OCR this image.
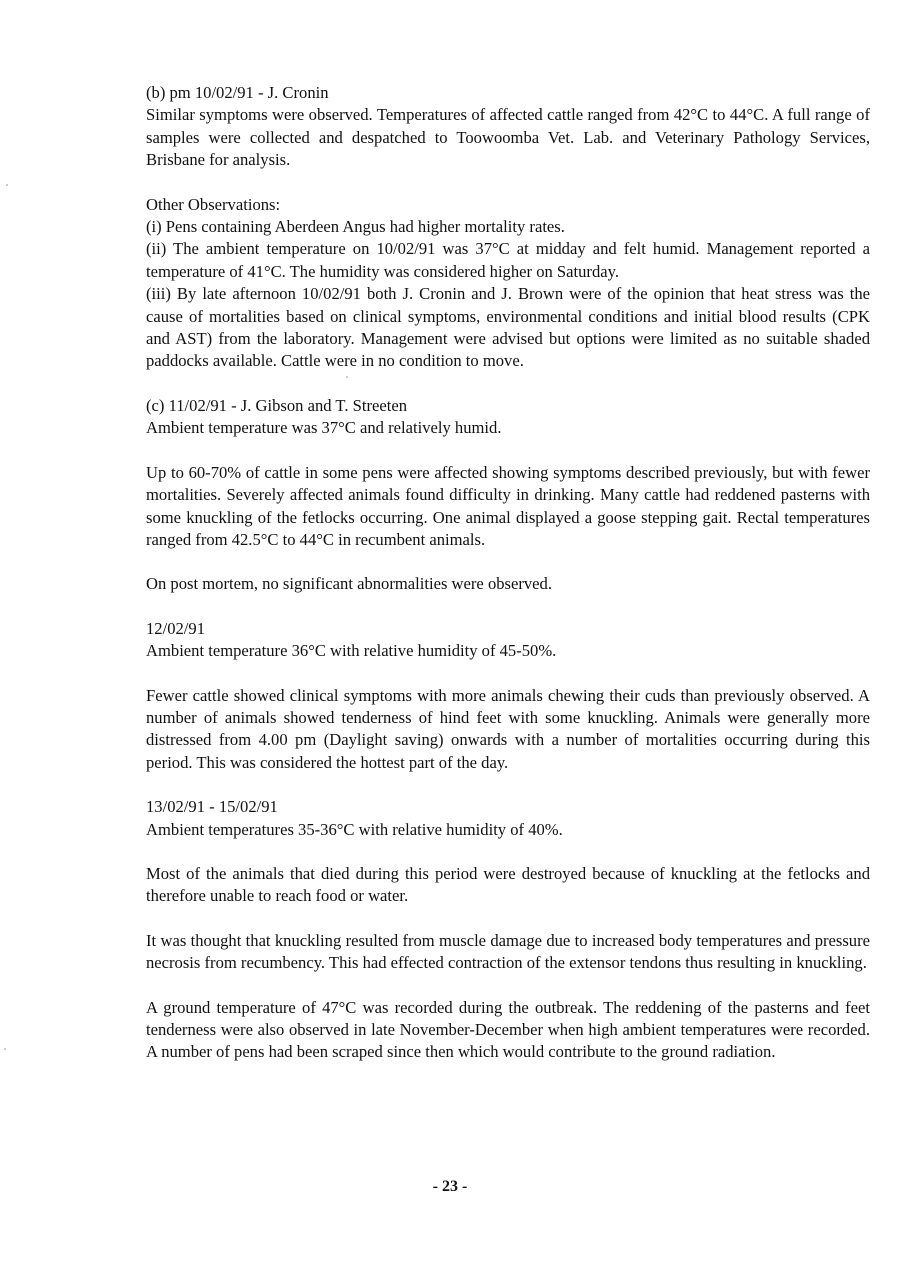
(b) pm 10/02/91 - J. Cronin

Similar symptoms were observed. Temperatures of affected cattle ranged from 42°C to 44°C. A full range of samples were collected and despatched to Toowoomba Vet. Lab. and Veterinary Pathology Services, Brisbane for analysis.

Other Observations:

(i) Pens containing Aberdeen Angus had higher mortality rates.

(ii) The ambient temperature on 10/02/91 was 37°C at midday and felt humid. Management reported a temperature of 41°C. The humidity was considered higher on Saturday.

(iii) By late afternoon 10/02/91 both J. Cronin and J. Brown were of the opinion that heat stress was the cause of mortalities based on clinical symptoms, environmental conditions and initial blood results (CPK and AST) from the laboratory. Management were advised but options were limited as no suitable shaded paddocks available. Cattle were in no condition to move.

(c) 11/02/91 - J. Gibson and T. Streeten

Ambient temperature was 37°C and relatively humid.

Up to 60-70% of cattle in some pens were affected showing symptoms described previously, but with fewer mortalities. Severely affected animals found difficulty in drinking. Many cattle had reddened pasterns with some knuckling of the fetlocks occurring. One animal displayed a goose stepping gait. Rectal temperatures ranged from 42.5°C to 44°C in recumbent animals.

On post mortem, no significant abnormalities were observed.

12/02/91

Ambient temperature 36°C with relative humidity of 45-50%.

Fewer cattle showed clinical symptoms with more animals chewing their cuds than previously observed. A number of animals showed tenderness of hind feet with some knuckling. Animals were generally more distressed from 4.00 pm (Daylight saving) onwards with a number of mortalities occurring during this period. This was considered the hottest part of the day.

13/02/91 - 15/02/91

Ambient temperatures 35-36°C with relative humidity of 40%.

Most of the animals that died during this period were destroyed because of knuckling at the fetlocks and therefore unable to reach food or water.

It was thought that knuckling resulted from muscle damage due to increased body temperatures and pressure necrosis from recumbency. This had effected contraction of the extensor tendons thus resulting in knuckling.

A ground temperature of 47°C was recorded during the outbreak. The reddening of the pasterns and feet tenderness were also observed in late November-December when high ambient temperatures were recorded. A number of pens had been scraped since then which would contribute to the ground radiation.

- 23 -
